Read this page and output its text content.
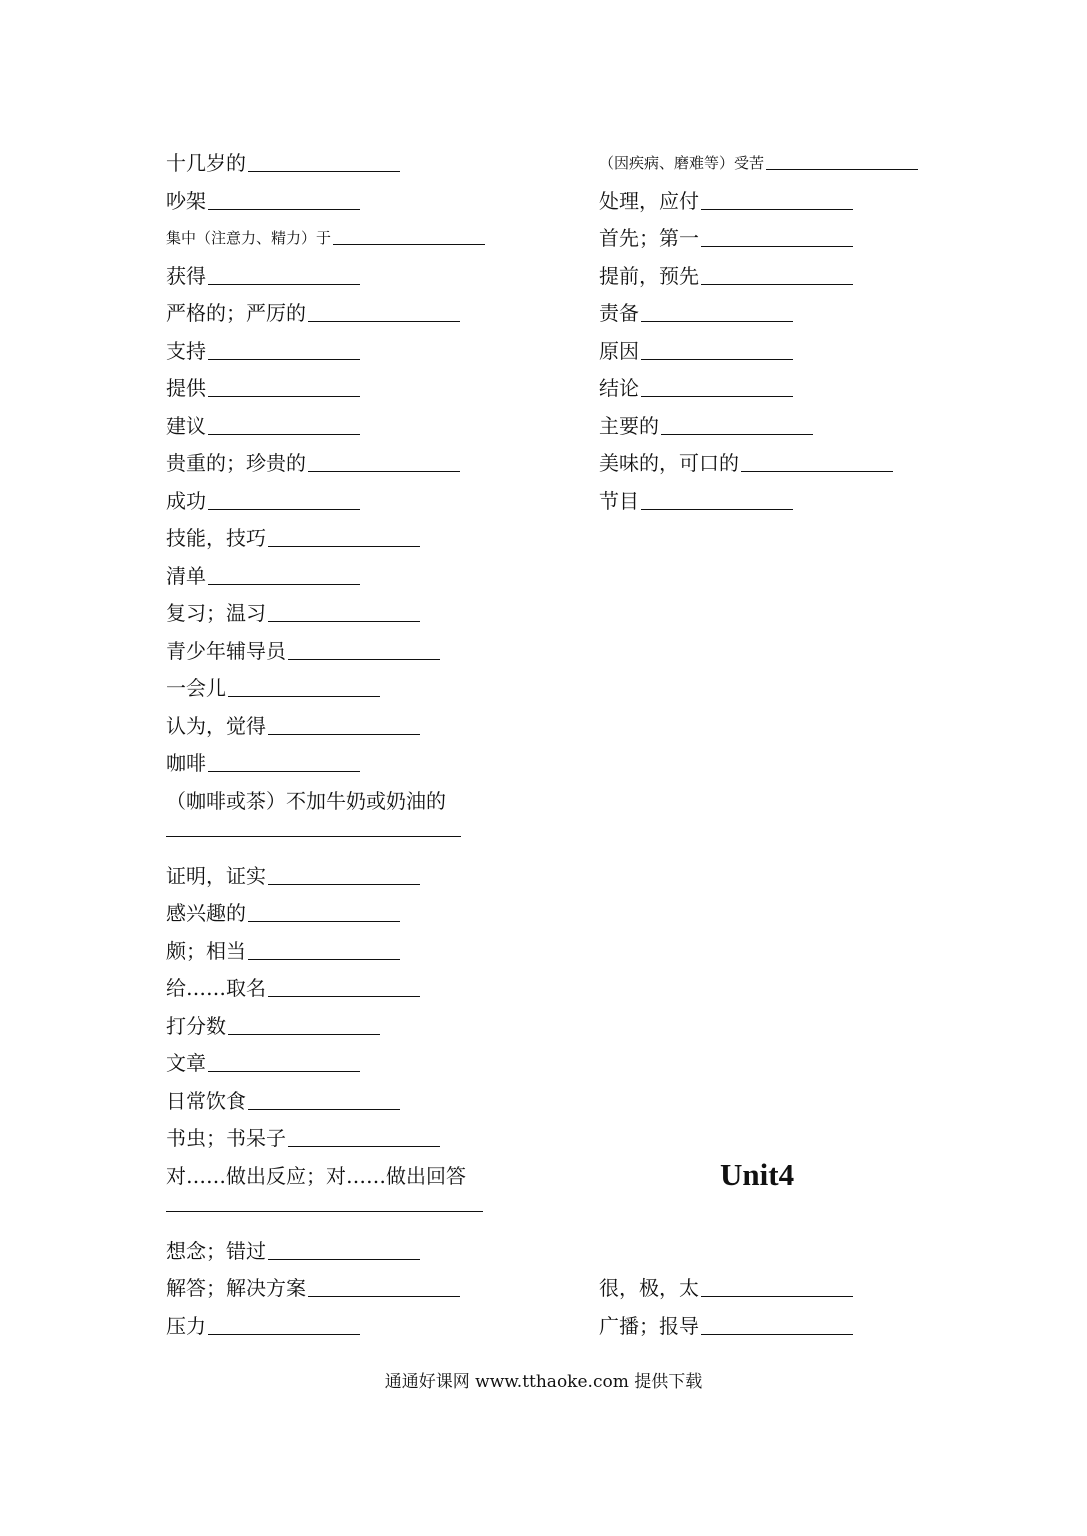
十几岁的
吵架
集中（注意力、精力）于
获得
严格的；严厉的
支持
提供
建议
贵重的；珍贵的
成功
技能，技巧
清单
复习；温习
青少年辅导员
一会儿
认为，觉得
咖啡
（咖啡或茶）不加牛奶或奶油的
证明，证实
感兴趣的
颇；相当
给……取名
打分数
文章
日常饮食
书虫；书呆子
对……做出反应；对……做出回答
想念；错过
解答；解决方案
压力
（因疾病、磨难等）受苦
处理，应付
首先；第一
提前，预先
责备
原因
结论
主要的
美味的，可口的
节目
很，极，太
广播；报导
Unit4
通通好课网 www.tthaoke.com 提供下载
